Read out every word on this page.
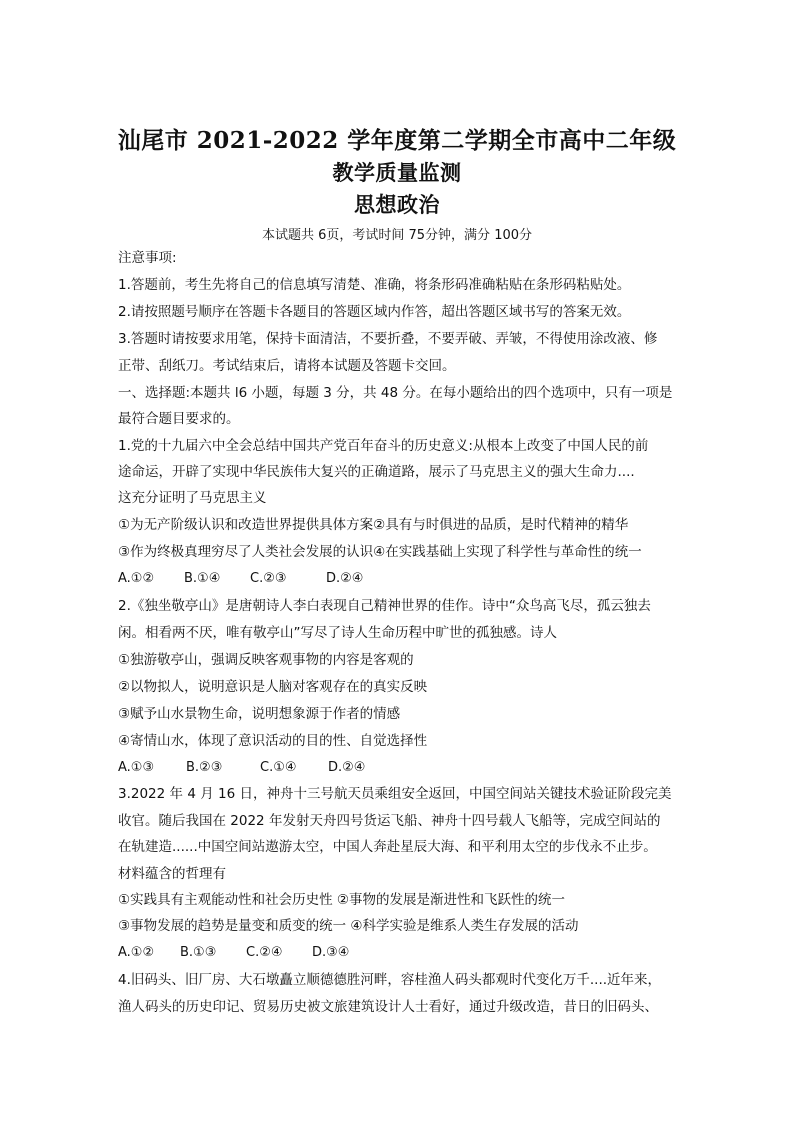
汕尾市 2021-2022 学年度第二学期全市高中二年级
教学质量监测
思想政治
本试题共 6页，考试时间 75分钟，满分 100分
注意事项:
1.答题前，考生先将自己的信息填写清楚、准确，将条形码准确粘贴在条形码粘贴处。
2.请按照题号顺序在答题卡各题目的答题区域内作答，超出答题区域书写的答案无效。
3.答题时请按要求用笔，保持卡面清洁，不要折叠，不要弄破、弄皱，不得使用涂改液、修
正带、刮纸刀。考试结束后，请将本试题及答题卡交回。
一、选择题:本题共 l6 小题，每题 3 分，共 48 分。在每小题给出的四个选项中，只有一项是
最符合题目要求的。
1.党的十九届六中全会总结中国共产党百年奋斗的历史意义:从根本上改变了中国人民的前
途命运，开辟了实现中华民族伟大复兴的正确道路，展示了马克思主义的强大生命力....
这充分证明了马克思主义
①为无产阶级认识和改造世界提供具体方案②具有与时俱进的品质，是时代精神的精华
③作为终极真理穷尽了人类社会发展的认识④在实践基础上实现了科学性与革命性的统一
A.①② B.①④ C.②③	D.②④
2.《独坐敬亭山》是唐朝诗人李白表现自己精神世界的佳作。诗中“众鸟高飞尽，孤云独去
闲。相看两不厌，唯有敬亭山”写尽了诗人生命历程中旷世的孤独感。诗人
①独游敬亭山，强调反映客观事物的内容是客观的
②以物拟人，说明意识是人脑对客观存在的真实反映
③赋予山水景物生命，说明想象源于作者的情感
④寄情山水，体现了意识活动的目的性、自觉选择性
A.①③ B.②③	C.①④ D.②④
3.2022 年 4 月 16 日，神舟十三号航天员乘组安全返回，中国空间站关键技术验证阶段完美
收官。随后我国在 2022 年发射天舟四号货运飞船、神舟十四号载人飞船等，完成空间站的
在轨建造......中国空间站遨游太空，中国人奔赴星辰大海、和平利用太空的步伐永不止步。
材料蕴含的哲理有
①实践具有主观能动性和社会历史性 ②事物的发展是渐进性和飞跃性的统一
③事物发展的趋势是量变和质变的统一 ④科学实验是维系人类生存发展的活动
A.①② B.①③ C.②④ D.③④
4.旧码头、旧厂房、大石墩矗立顺德德胜河畔，容桂渔人码头都观时代变化万千....近年来，
渔人码头的历史印记、贸易历史被文旅建筑设计人士看好，通过升级改造，昔日的旧码头、
